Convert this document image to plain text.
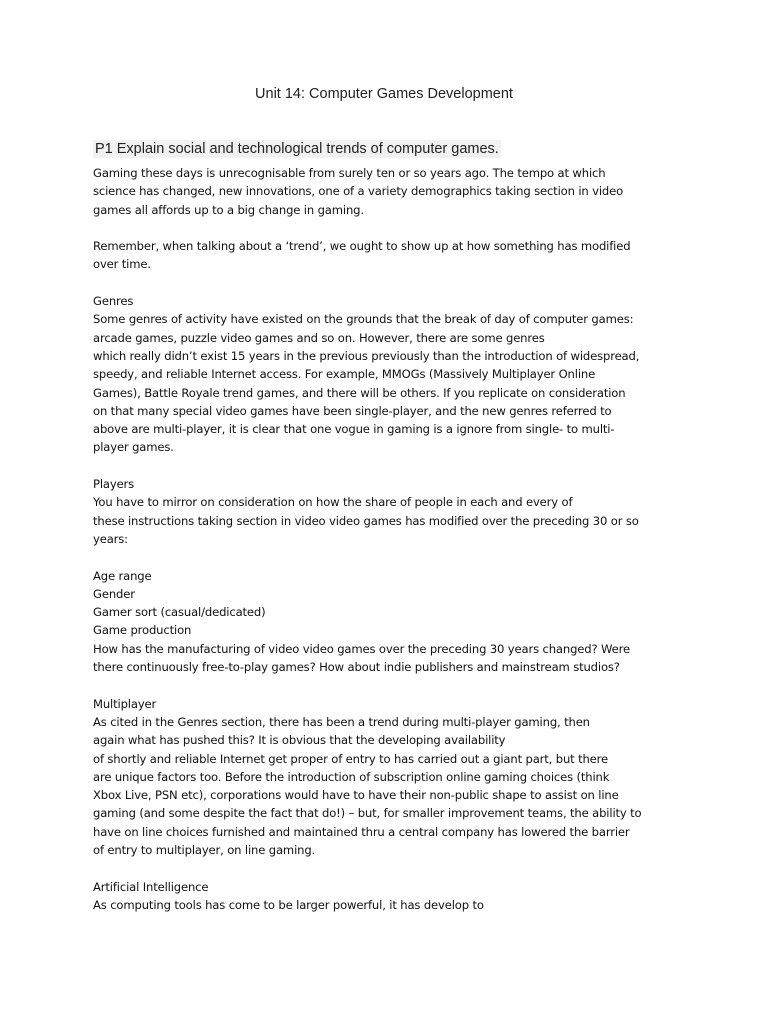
Unit 14: Computer Games Development
P1 Explain social and technological trends of computer games.
Gaming these days is unrecognisable from surely ten or so years ago. The tempo at which
science has changed, new innovations, one of a variety demographics taking section in video
games all affords up to a big change in gaming.
Remember, when talking about a ‘trend’, we ought to show up at how something has modified
over time.
Genres
Some genres of activity have existed on the grounds that the break of day of computer games:
arcade games, puzzle video games and so on. However, there are some genres
which really didn’t exist 15 years in the previous previously than the introduction of widespread,
speedy, and reliable Internet access. For example, MMOGs (Massively Multiplayer Online
Games), Battle Royale trend games, and there will be others. If you replicate on consideration
on that many special video games have been single-player, and the new genres referred to
above are multi-player, it is clear that one vogue in gaming is a ignore from single- to multi-
player games.
Players
You have to mirror on consideration on how the share of people in each and every of
these instructions taking section in video video games has modified over the preceding 30 or so
years:
Age range
Gender
Gamer sort (casual/dedicated)
Game production
How has the manufacturing of video video games over the preceding 30 years changed? Were
there continuously free-to-play games? How about indie publishers and mainstream studios?
Multiplayer
As cited in the Genres section, there has been a trend during multi-player gaming, then
again what has pushed this? It is obvious that the developing availability
of shortly and reliable Internet get proper of entry to has carried out a giant part, but there
are unique factors too. Before the introduction of subscription online gaming choices (think
Xbox Live, PSN etc), corporations would have to have their non-public shape to assist on line
gaming (and some despite the fact that do!) – but, for smaller improvement teams, the ability to
have on line choices furnished and maintained thru a central company has lowered the barrier
of entry to multiplayer, on line gaming.
Artificial Intelligence
As computing tools has come to be larger powerful, it has develop to
